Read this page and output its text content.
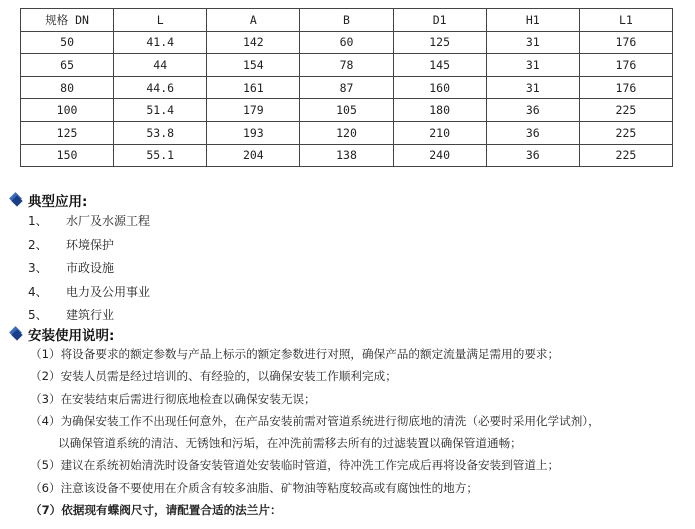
规格 DN	L	A	B	D1	H1	L1
50	41.4	142	60	125	31	176
65	44	154	78	145	31	176
80	44.6	161	87	160	31	176
100	51.4	179	105	180	36	225
125	53.8	193	120	210	36	225
150	55.1	204	138	240	36	225
典型应用:
1、 水厂及水源工程
2、 环境保护
3、 市政设施
4、 电力及公用事业
5、 建筑行业
安装使用说明:
（1）将设备要求的额定参数与产品上标示的额定参数进行对照，确保产品的额定流量满足需用的要求；
（2）安装人员需是经过培训的、有经验的，以确保安装工作顺利完成；
（3）在安装结束后需进行彻底地检查以确保安装无误；
（4）为确保安装工作不出现任何意外，在产品安装前需对管道系统进行彻底地的清洗（必要时采用化学试剂），
以确保管道系统的清洁、无锈蚀和污垢，在冲洗前需移去所有的过滤装置以确保管道通畅；
（5）建议在系统初始清洗时设备安装管道处安装临时管道，待冲洗工作完成后再将设备安装到管道上；
（6）注意该设备不要使用在介质含有较多油脂、矿物油等粘度较高或有腐蚀性的地方；
（7）依据现有蝶阀尺寸，请配置合适的法兰片：
